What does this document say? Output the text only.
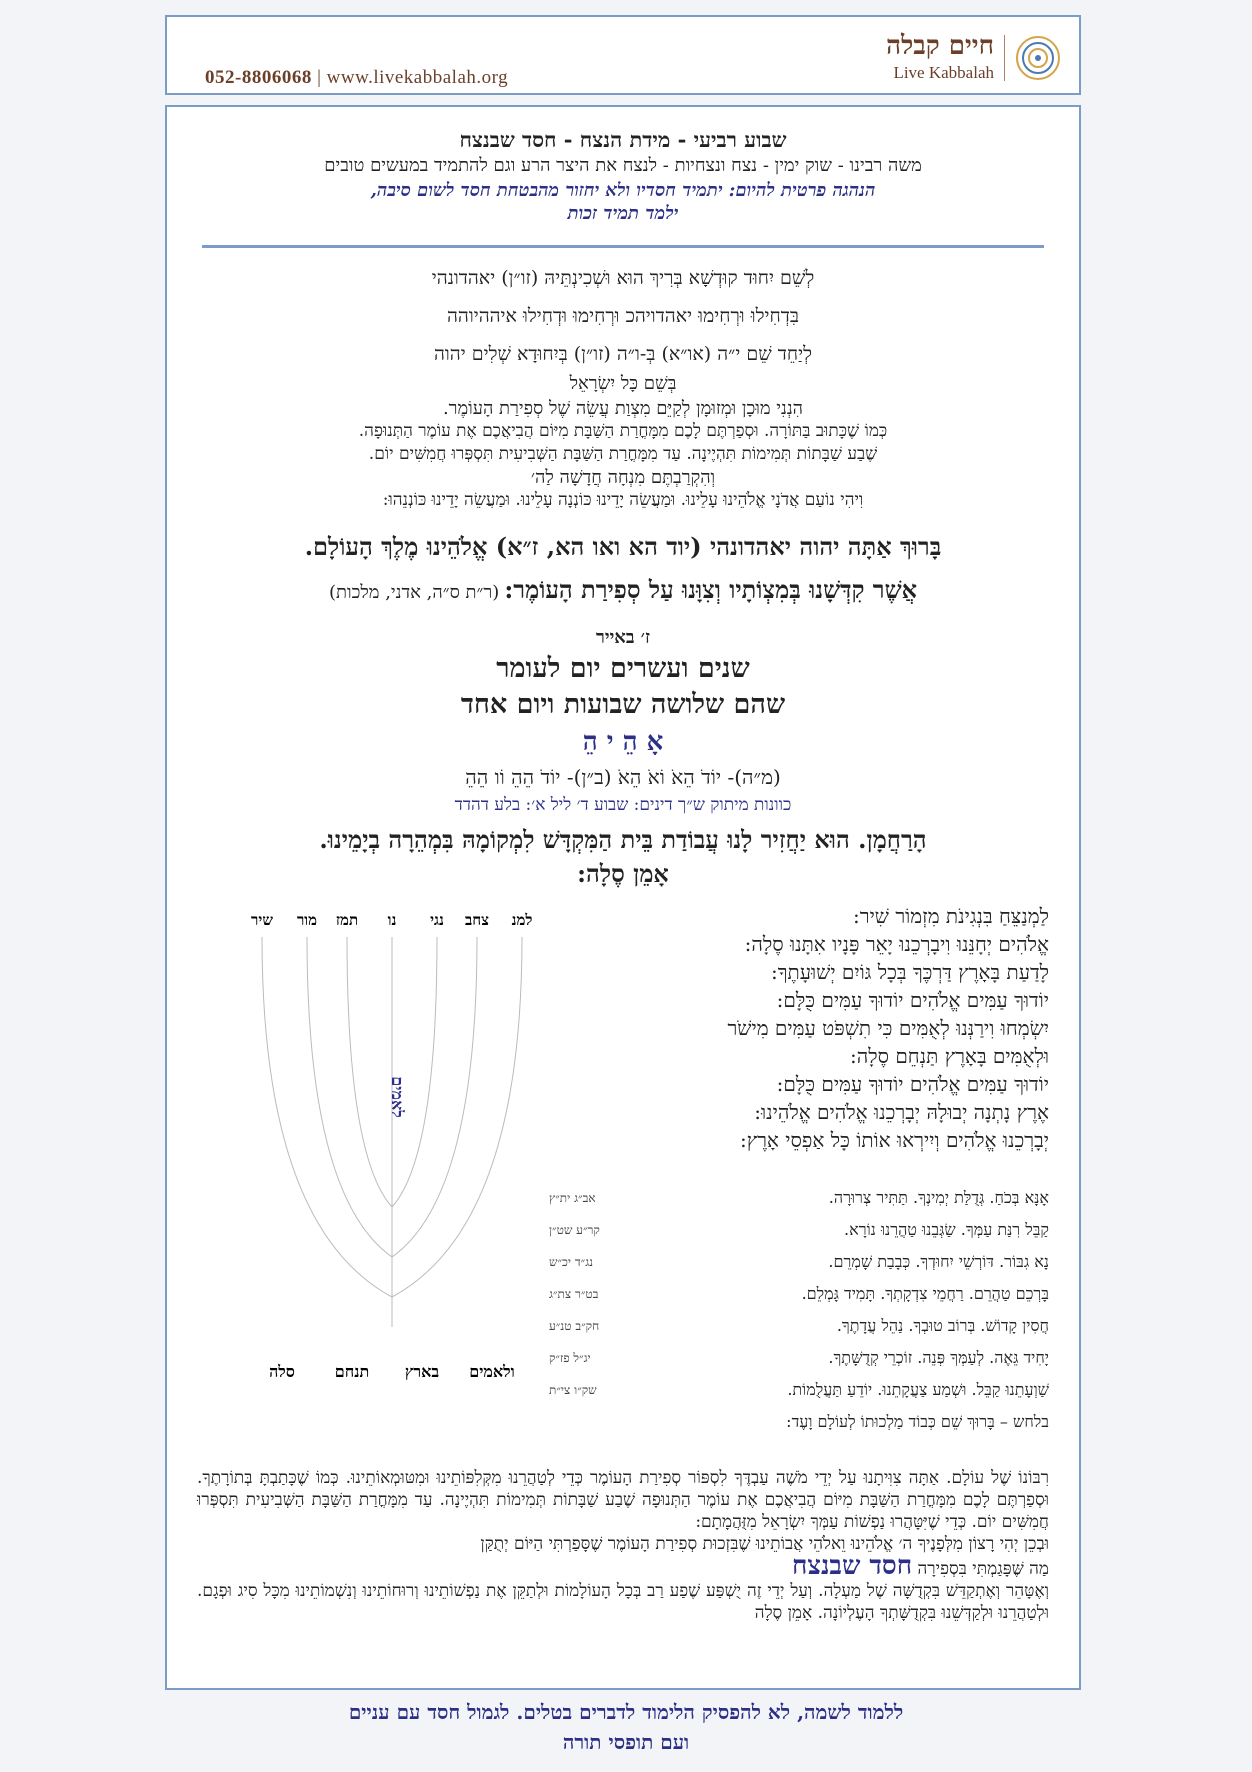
חיים קבלה
Live Kabbalah
052-8806068 | www.livekabbalah.org
שבוע רביעי - מידת הנצח - חסד שבנצח
משה רבינו - שוק ימין - נצח ונצחיות - לנצח את היצר הרע וגם להתמיד במעשים טובים
הנהגה פרטית להיום: יתמיד חסדיו ולא יחזור מהבטחת חסד לשום סיבה,
ילמד תמיד זכות
לְשֵׁם יִחוּד קוּדְשָׁא בְּרִיךְ הוּא וּשְׁכִינְתֵּיהּ (זו״ן) יאהדונהי
בִּדְחִילוּ וּרְחִימוּ יאהדויהכ וּרְחִימוּ וּדְחִילוּ איההיוהה
לְיַחֵד שֵׁם י״ה (או״א) בְּ-ו״ה (זו״ן) בְּיִחוּדָא שְׁלִים יהוה
בְּשֵׁם כָּל יִשְׂרָאֵל
הִנְנִי מוּכָן וּמְזוּמָן לְקַיֵּם מִצְוַת עֲשֵׂה שֶׁל סְפִירַת הָעוֹמֶר.
כְּמוֹ שֶׁכָּתוּב בַּתּוֹרָה. וּסְפַרְתֶּם לָכֶם מִמָּחֳרַת הַשַּׁבָּת מִיּוֹם הֲבִיאֲכֶם אֶת עוֹמֶר הַתְּנוּפָה.
שֶׁבַע שַׁבָּתוֹת תְּמִימוֹת תִּהְיֶינָה. עַד מִמָּחֳרַת הַשַּׁבָּת הַשְּׁבִיעִית תִּסְפְּרוּ חֲמִשִּׁים יוֹם.
וְהִקְרַבְתֶּם מִנְחָה חֲדָשָׁה לַה׳
וִיהִי נוֹעַם אֲדֹנָי אֱלֹהֵינוּ עָלֵינוּ. וּמַעֲשֵׂה יָדֵינוּ כּוֹנְנָה עָלֵינוּ. וּמַעֲשֵׂה יָדֵינוּ כּוֹנְנֵהוּ:
בָּרוּךְ אַתָּה יהוה יאהדונהי (יוד הא ואו הא, ז״א) אֱלֹהֵינוּ מֶלֶךְ הָעוֹלָם.
אֲשֶׁר קִדְּשָׁנוּ בְּמִצְוֹתָיו וְצִוָּנוּ עַל סְפִירַת הָעוֹמֶר: (ר״ת ס״ה, אדני, מלכות)
ז׳ באייר
שנים ועשרים יום לעומר
שהם שלושה שבועות ויום אחד
אָ הֵ י הֵ
(מ״ה)- יוֹדֹ הֵאֹ וֹאֹ הֵאֹ (ב״ן)- יוֹדֹ הֵהֵ וֹו הֵהֵ
כוונות מיתוק ש״ך דינים: שבוע ד׳ ליל א׳: בלע דהדד
הָרַחֲמָן. הוּא יַחֲזִיר לָנוּ עֲבוֹדַת בֵּית הַמִּקְדָּשׁ לִמְקוֹמָהּ בִּמְהֵרָה בְיָמֵינוּ.
אָמֵן סֶלָה:
לַמְנַצֵּחַ בִּנְגִינֹת מִזְמוֹר שִׁיר:
אֱלֹהִים יְחָנֵּנוּ וִיבָרְכֵנוּ יָאֵר פָּנָיו אִתָּנוּ סֶלָה:
לָדַעַת בָּאָרֶץ דַּרְכֶּךָ בְּכָל גּוֹיִם יְשׁוּעָתֶךָ:
יוֹדוּךָ עַמִּים אֱלֹהִים יוֹדוּךָ עַמִּים כֻּלָּם:
יִשְׂמְחוּ וִירַנְּנוּ לְאֻמִּים כִּי תִשְׁפֹּט עַמִּים מִישֹׁר
וּלְאֻמִּים בָּאָרֶץ תַּנְחֵם סֶלָה:
יוֹדוּךָ עַמִּים אֱלֹהִים יוֹדוּךָ עַמִּים כֻּלָּם:
אֶרֶץ נָתְנָה יְבוּלָהּ יְבָרְכֵנוּ אֱלֹהִים אֱלֹהֵינוּ:
יְבָרְכֵנוּ אֱלֹהִים וְיִירְאוּ אוֹתוֹ כָּל אַפְסֵי אָרֶץ:
למנ
צחב
נגי
נו
תמז
מור
שיר
לאמים
ולאמים
בארץ
תנחם
סלה
אָנָּא בְּכֹחַ. גְּדֻלַּת יְמִינְךָ. תַּתִּיר צְרוּרָה.
אב״ג ית״ץ
קַבֵּל רִנַּת עַמְּךָ. שַׂגְּבֵנוּ טַהֲרֵנוּ נוֹרָא.
קר״ע שט״ן
נָא גִבּוֹר. דּוֹרְשֵׁי יִחוּדְךָ. כְּבָבַת שָׁמְרֵם.
נג״ד יכ״ש
בָּרְכֵם טַהֲרֵם. רַחֲמֵי צִדְקָתְךָ. תָּמִיד גָּמְלֵם.
בט״ר צת״ג
חֲסִין קָדוֹשׁ. בְּרוֹב טוּבְךָ. נַהֵל עֲדָתֶךָ.
חק״ב טנ״ע
יָחִיד גֵּאֶה. לְעַמְּךָ פְּנֵה. זוֹכְרֵי קְדֻשָּׁתֶךָ.
יג״ל פז״ק
שַׁוְעָתֵנוּ קַבֵּל. וּשְׁמַע צַעֲקָתֵנוּ. יוֹדֵעַ תַּעֲלֻמוֹת.
שק״ו צי״ת
בלחש – בָּרוּךְ שֵׁם כְּבוֹד מַלְכוּתוֹ לְעוֹלָם וָעֶד:
רִבּוֹנוֹ שֶׁל עוֹלָם. אַתָּה צִוִּיתָנוּ עַל יְדֵי מֹשֶׁה עַבְדֶּךָ לִסְפּוֹר סְפִירַת הָעוֹמֶר כְּדֵי לְטַהֲרֵנוּ מִקְּלִפּוֹתֵינוּ וּמִטּוּמְאוֹתֵינוּ. כְּמוֹ שֶׁכָּתַבְתָּ בְּתוֹרָתֶךָ. וּסְפַרְתֶּם לָכֶם מִמָּחֳרַת הַשַּׁבָּת מִיּוֹם הֲבִיאֲכֶם אֶת עוֹמֶר הַתְּנוּפָה שֶׁבַע שַׁבָּתוֹת תְּמִימוֹת תִּהְיֶינָה. עַד מִמָּחֳרַת הַשַּׁבָּת הַשְּׁבִיעִית תִּסְפְּרוּ חֲמִשִּׁים יוֹם. כְּדֵי שֶׁיִּטָּהֲרוּ נַפְשׁוֹת עַמְּךָ יִשְׂרָאֵל מִזֻּהֲמָתָם:
וּבְכֵן יְהִי רָצוֹן מִלְּפָנֶיךָ ה׳ אֱלֹהֵינוּ וֵאלֹהֵי אֲבוֹתֵינוּ שֶׁבִּזְכוּת סְפִירַת הָעוֹמֶר שֶׁסָּפַרְתִּי הַיּוֹם יְתֻקַּן
מַה שֶּׁפָּגַמְתִּי בִּסְפִירָה חסד שבנצח
וְאֶטָּהֵר וְאֶתְקַדֵּשׁ בִּקְדֻשָּׁה שֶׁל מַעְלָה. וְעַל יְדֵי זֶה יֻשְׁפַּע שֶׁפַע רַב בְּכָל הָעוֹלָמוֹת וּלְתַקֵּן אֶת נַפְשׁוֹתֵינוּ וְרוּחוֹתֵינוּ וְנִשְׁמוֹתֵינוּ מִכָּל סִיג וּפְגָם. וּלְטַהֲרֵנוּ וּלְקַדְּשֵׁנוּ בִּקְדֻשָּׁתְךָ הָעֶלְיוֹנָה. אָמֵן סֶלָה
ללמוד לשמה, לא להפסיק הלימוד לדברים בטלים. לגמול חסד עם עניים
ועם תופסי תורה
